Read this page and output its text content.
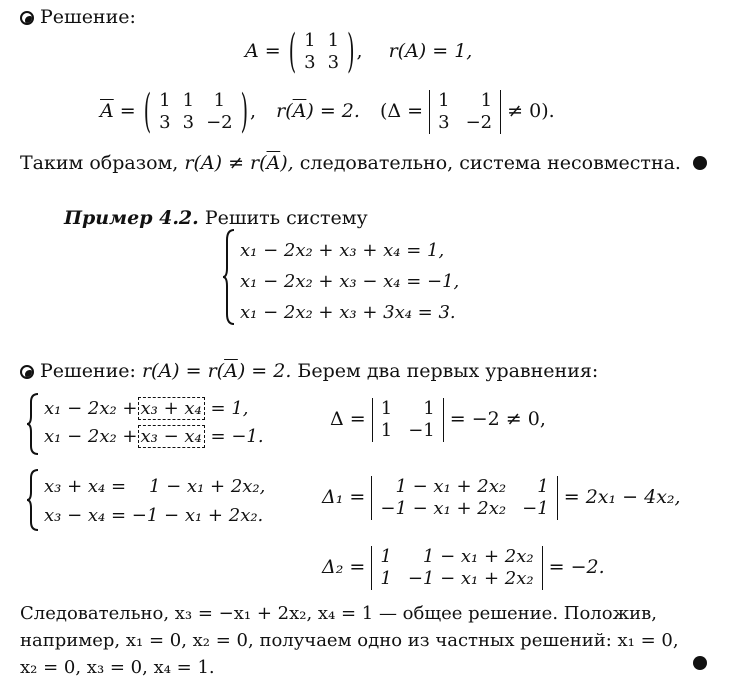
Решение:
A = ( 1	1
3	3 ) , r(A) = 1,
$\overline{A}$ = ( 1	1	1
3	3	−2 ) , $r(\overline{A}) = 2$. (Δ = 1	1
3	−2 ≠ 0).
Таким образом, $r(A) \ne r(\overline{A})$, следовательно, система несовместна.
Пример 4.2. Решить систему
x₁ − 2x₂ + x₃ + x₄ = 1,
x₁ − 2x₂ + x₃ − x₄ = −1,
x₁ − 2x₂ + x₃ + 3x₄ = 3.
Решение: $r(A) = r(\overline{A}) = 2$. Берем два первых уравнения:
x₁ − 2x₂ + x₃ + x₄ = 1,
x₁ − 2x₂ + x₃ − x₄ = −1.
Δ = 1	1
1	−1 = −2 ≠ 0,
x₃ + x₄ =    1 − x₁ + 2x₂,
x₃ − x₄ = −1 − x₁ + 2x₂.
Δ₁ = 1 − x₁ + 2x₂	1
−1 − x₁ + 2x₂	−1 = 2x₁ − 4x₂,
Δ₂ = 1	1 − x₁ + 2x₂
1	−1 − x₁ + 2x₂ = −2.
Следовательно, x₃ = −x₁ + 2x₂, x₄ = 1 — общее решение. Положив,
например, x₁ = 0, x₂ = 0, получаем одно из частных решений: x₁ = 0,
x₂ = 0, x₃ = 0, x₄ = 1.
